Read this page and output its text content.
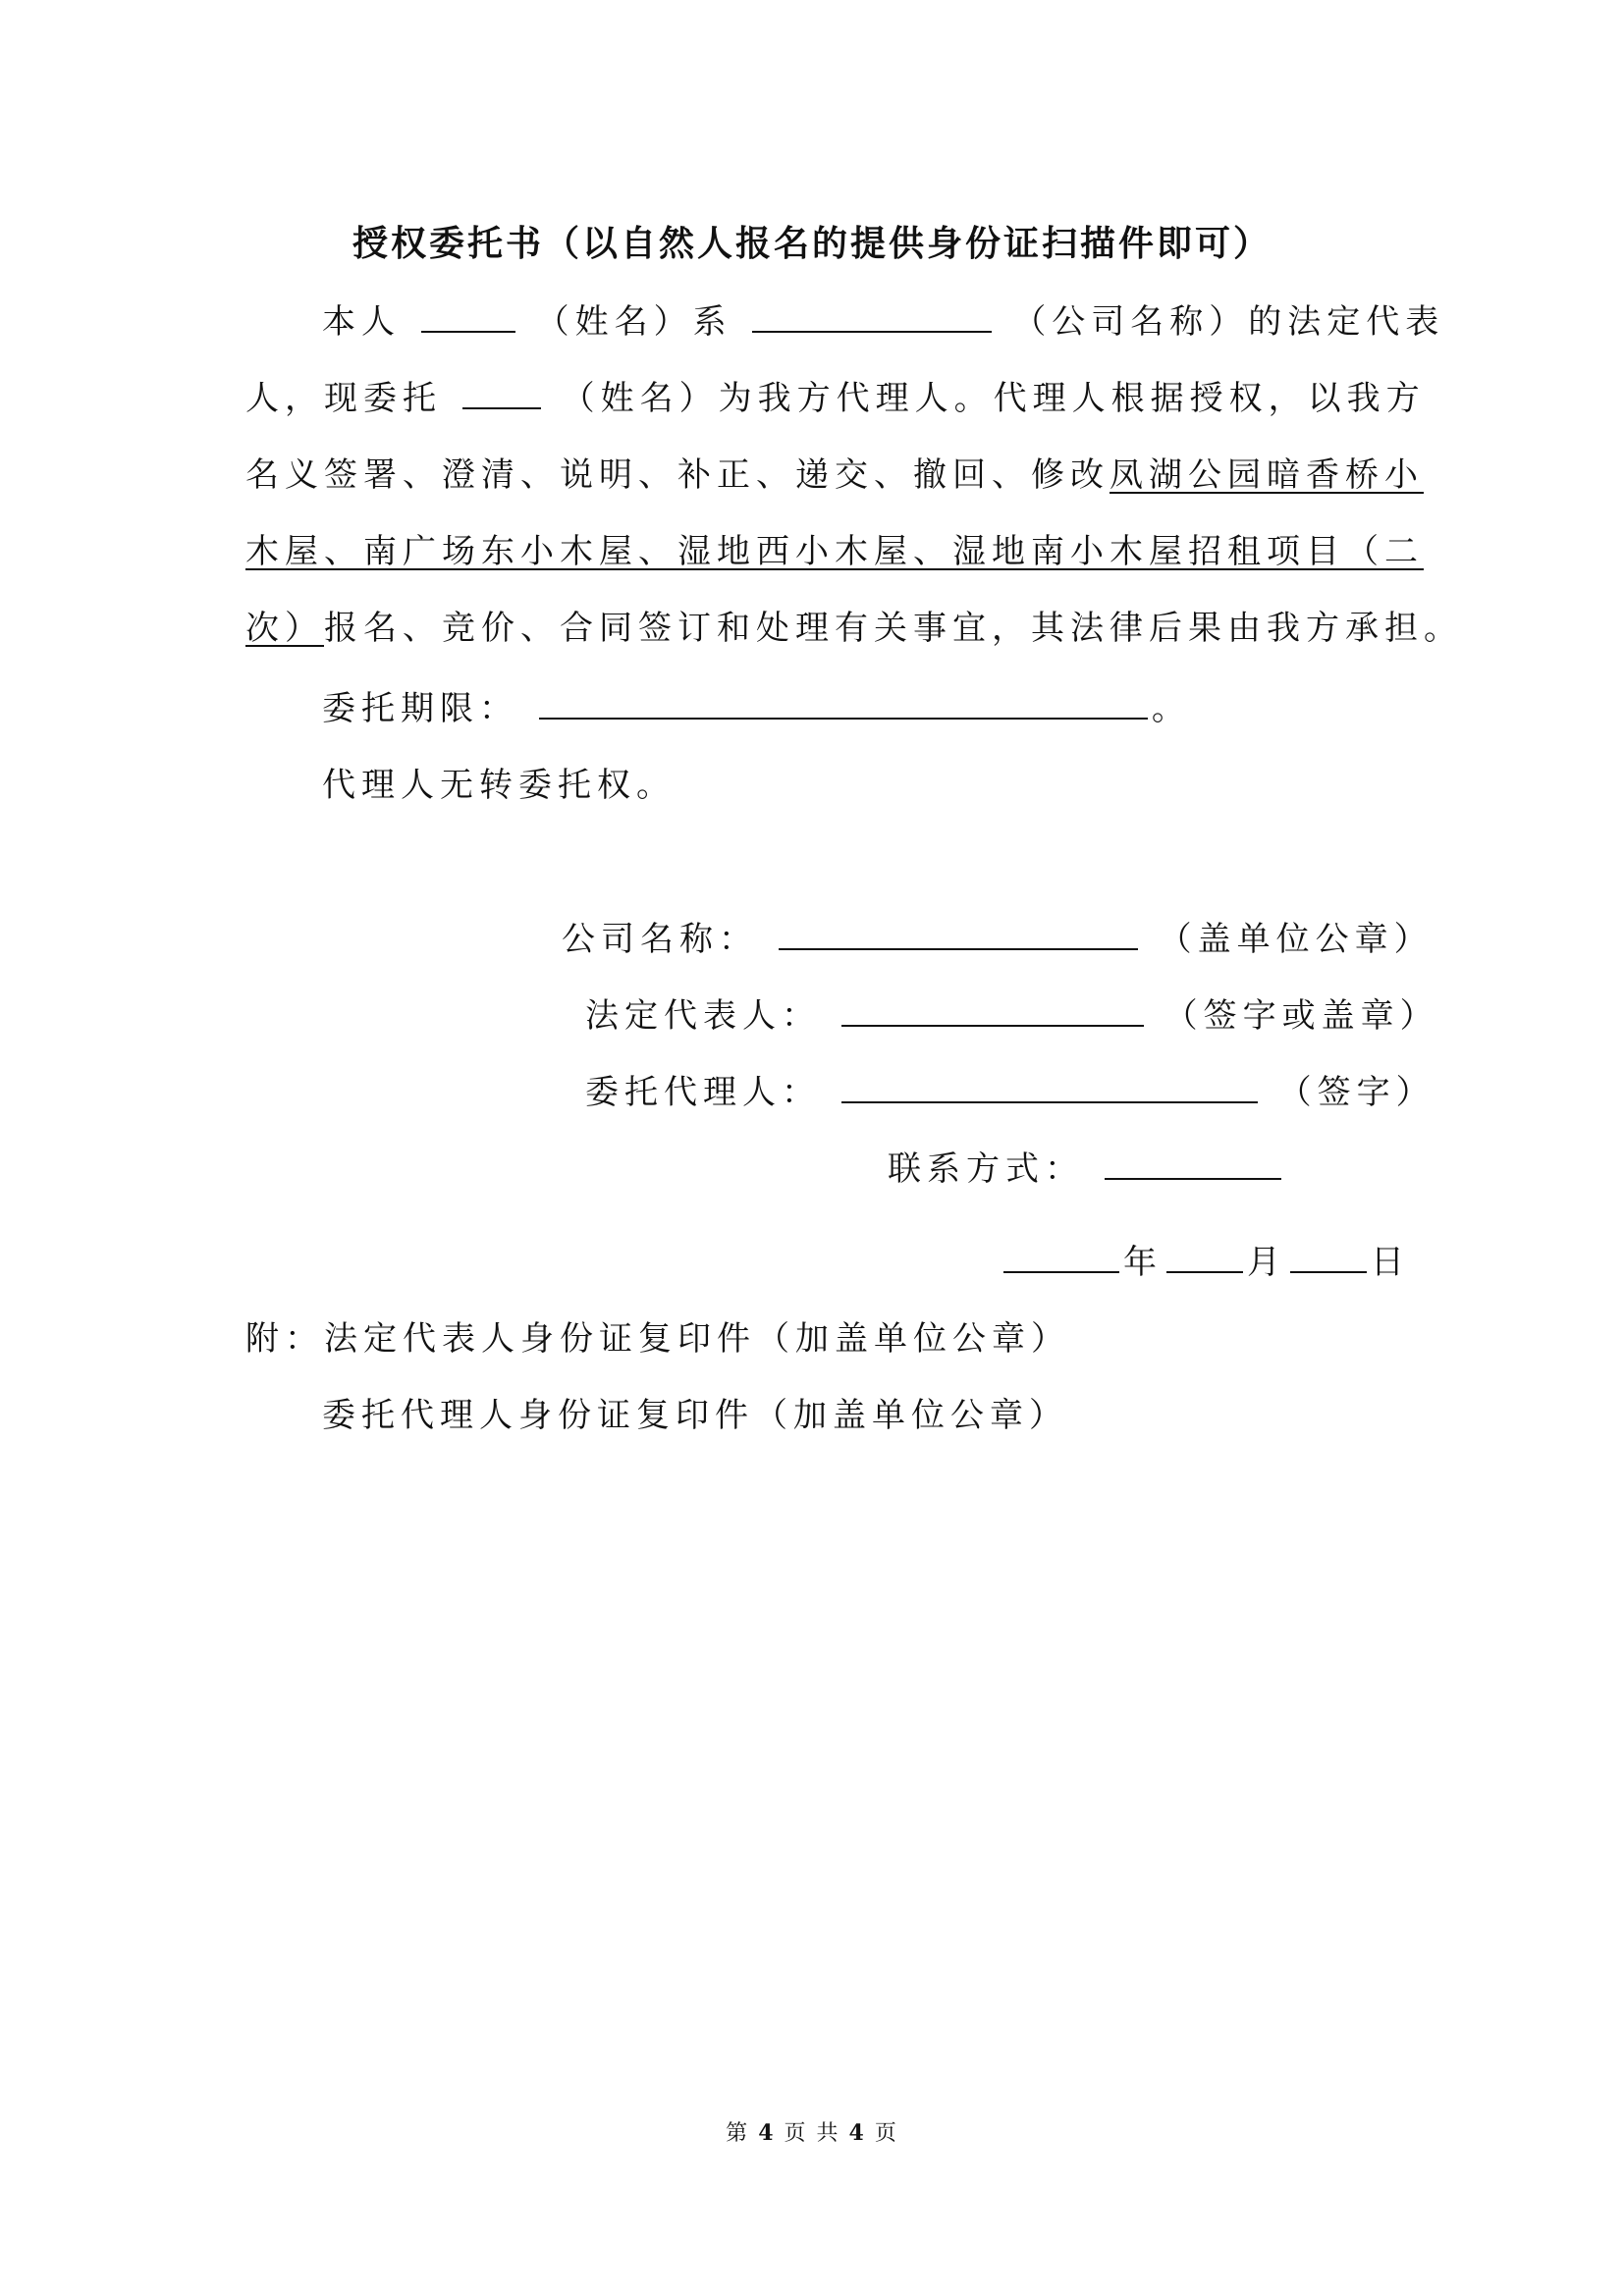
授权委托书（以自然人报名的提供身份证扫描件即可）
本人	（姓名）系	（公司名称）的法定代表
人，现委托	（姓名）为我方代理人。代理人根据授权，以我方
名义签署、澄清、说明、补正、递交、撤回、修改凤湖公园暗香桥小
木屋、南广场东小木屋、湿地西小木屋、湿地南小木屋招租项目（二
次）报名、竞价、合同签订和处理有关事宜，其法律后果由我方承担。
委托期限：	。
代理人无转委托权。
公司名称：	（盖单位公章）
法定代表人：	（签字或盖章）
委托代理人：	（签字）
联系方式：
年	月	日
附：法定代表人身份证复印件（加盖单位公章）
委托代理人身份证复印件（加盖单位公章）
第 4 页 共 4 页
